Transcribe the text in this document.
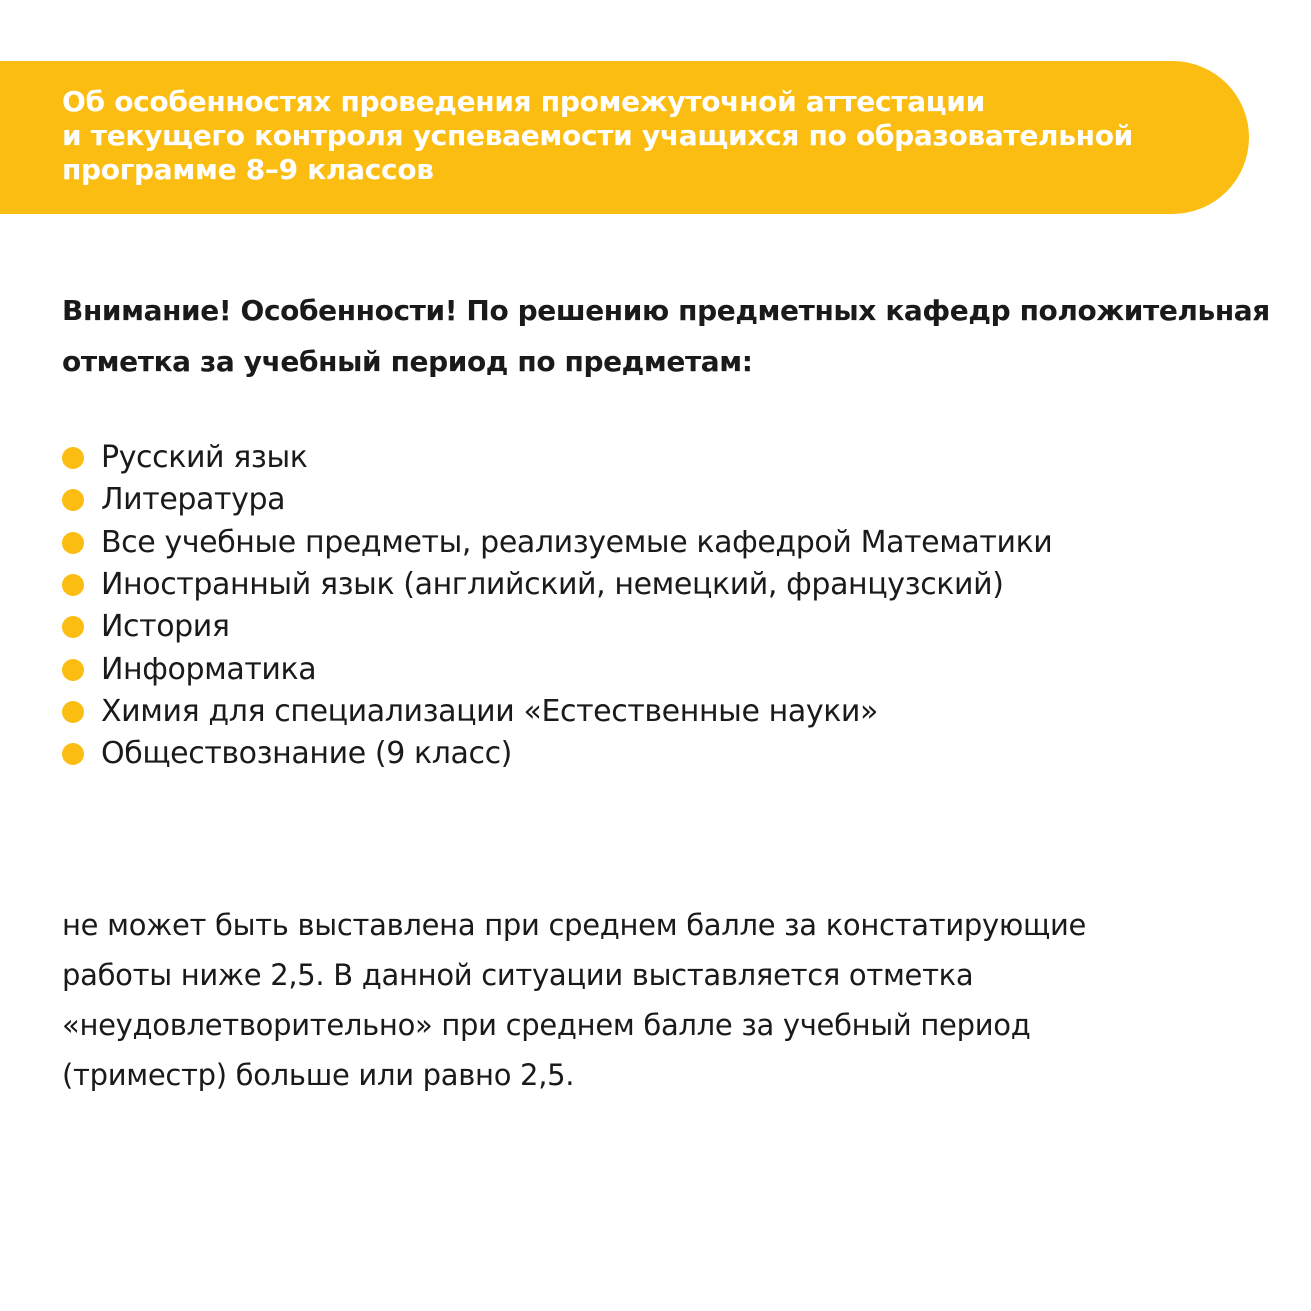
Об особенностях проведения промежуточной аттестации
и текущего контроля успеваемости учащихся по образовательной
программе 8–9 классов

Внимание! Особенности! По решению предметных кафедр положительная
отметка за учебный период по предметам:

Русский язык
Литература
Все учебные предметы, реализуемые кафедрой Математики
Иностранный язык (английский, немецкий, французский)
История
Информатика
Химия для специализации «Естественные науки»
Обществознание (9 класс)

не может быть выставлена при среднем балле за констатирующие
работы ниже 2,5. В данной ситуации выставляется отметка
«неудовлетворительно» при среднем балле за учебный период
(триместр) больше или равно 2,5.
